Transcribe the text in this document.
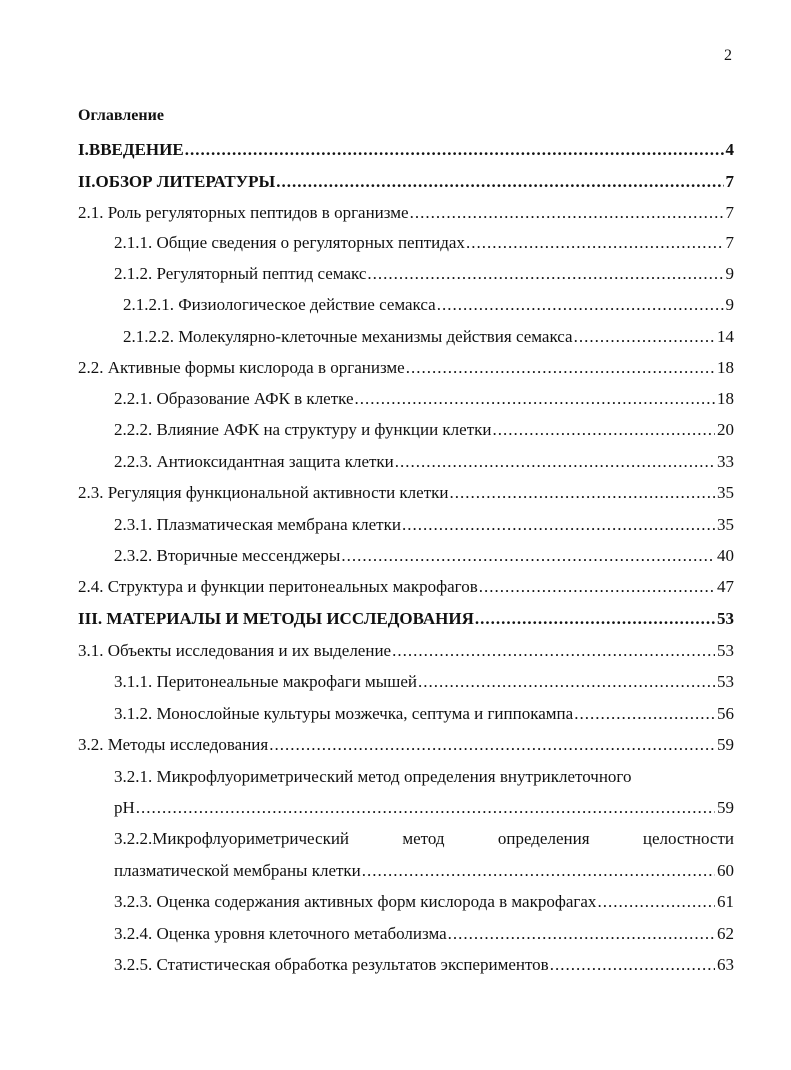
2
Оглавление
I.ВВЕДЕНИЕ .....	4
II.ОБЗОР ЛИТЕРАТУРЫ .....	7
2.1. Роль регуляторных пептидов в организме .....	7
2.1.1. Общие сведения о регуляторных пептидах .....	7
2.1.2. Регуляторный пептид семакс .....	9
2.1.2.1. Физиологическое действие семакса .....	9
2.1.2.2. Молекулярно-клеточные механизмы действия семакса .....	14
2.2. Активные формы кислорода в организме .....	18
2.2.1. Образование АФК в клетке .....	18
2.2.2. Влияние АФК на структуру и функции клетки .....	20
2.2.3. Антиоксидантная защита клетки .....	33
2.3. Регуляция функциональной активности клетки .....	35
2.3.1. Плазматическая мембрана клетки .....	35
2.3.2. Вторичные мессенджеры .....	40
2.4. Структура и функции перитонеальных макрофагов .....	47
III. МАТЕРИАЛЫ И МЕТОДЫ ИССЛЕДОВАНИЯ .....	53
3.1. Объекты исследования и их выделение .....	53
3.1.1. Перитонеальные макрофаги мышей .....	53
3.1.2. Монослойные культуры мозжечка, септума и гиппокампа .....	56
3.2. Методы исследования .....	59
3.2.1. Микрофлуориметрический метод определения внутриклеточного
pH .....	59
3.2.2.Микрофлуориметрический	метод	определения	целостности
плазматической мембраны клетки .....	60
3.2.3. Оценка содержания активных форм кислорода в макрофагах .....	61
3.2.4. Оценка уровня клеточного метаболизма .....	62
3.2.5. Статистическая обработка результатов экспериментов .....	63
